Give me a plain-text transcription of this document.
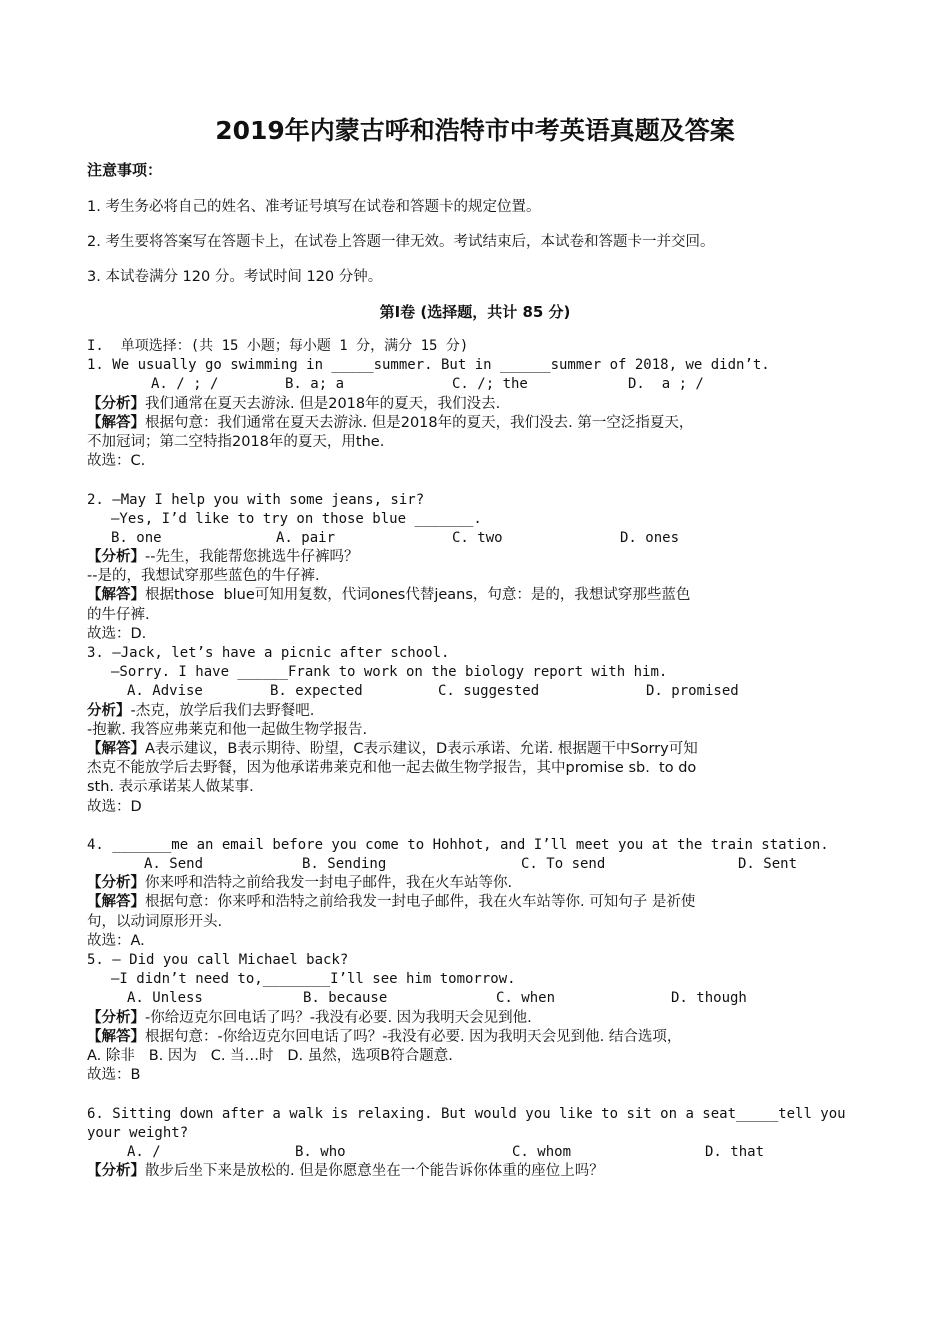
2019年内蒙古呼和浩特市中考英语真题及答案
注意事项：
1. 考生务必将自己的姓名、准考证号填写在试卷和答题卡的规定位置。
2. 考生要将答案写在答题卡上，在试卷上答题一律无效。考试结束后，本试卷和答题卡一并交回。
3. 本试卷满分 120 分。考试时间 120 分钟。
第Ⅰ卷 (选择题，共计 85 分)
I.  单项选择：(共 15 小题；每小题 1 分，满分 15 分)
1. We usually go swimming in _____summer. But in ______summer of 2018, we didn’t.
A. / ; /	B. a; a	C. /; the	D.  a ; /
【分析】我们通常在夏天去游泳. 但是2018年的夏天，我们没去.
【解答】根据句意：我们通常在夏天去游泳. 但是2018年的夏天，我们没去. 第一空泛指夏天，
不加冠词；第二空特指2018年的夏天，用the.
故选：C.
2. —May I help you with some jeans, sir?
—Yes, I’d like to try on those blue _______.
B. one	A. pair	C. two	D. ones
【分析】--先生，我能帮您挑选牛仔裤吗？
--是的，我想试穿那些蓝色的牛仔裤.
【解答】根据those  blue可知用复数，代词ones代替jeans，句意：是的，我想试穿那些蓝色
的牛仔裤.
故选：D.
3. —Jack, let’s have a picnic after school.
—Sorry. I have ______Frank to work on the biology report with him.
A. Advise	B. expected	C. suggested	D. promised
分析】-杰克，放学后我们去野餐吧.
-抱歉. 我答应弗莱克和他一起做生物学报告.
【解答】A表示建议，B表示期待、盼望，C表示建议，D表示承诺、允诺. 根据题干中Sorry可知
杰克不能放学后去野餐，因为他承诺弗莱克和他一起去做生物学报告，其中promise sb.  to do
sth. 表示承诺某人做某事.
故选：D
4. _______me an email before you come to Hohhot, and I’ll meet you at the train station.
A. Send	B. Sending	C. To send	D. Sent
【分析】你来呼和浩特之前给我发一封电子邮件，我在火车站等你.
【解答】根据句意：你来呼和浩特之前给我发一封电子邮件，我在火车站等你. 可知句子 是祈使
句，以动词原形开头.
故选：A.
5. — Did you call Michael back?
—I didn’t need to,________I’ll see him tomorrow.
A. Unless	B. because	C. when	D. though
【分析】-你给迈克尔回电话了吗？-我没有必要. 因为我明天会见到他.
【解答】根据句意：-你给迈克尔回电话了吗？-我没有必要. 因为我明天会见到他. 结合选项，
A. 除非   B. 因为   C. 当…时   D. 虽然，选项B符合题意.
故选：B
6. Sitting down after a walk is relaxing. But would you like to sit on a seat_____tell you
your weight?
A. /	B. who	C. whom	D. that
【分析】散步后坐下来是放松的. 但是你愿意坐在一个能告诉你体重的座位上吗？
